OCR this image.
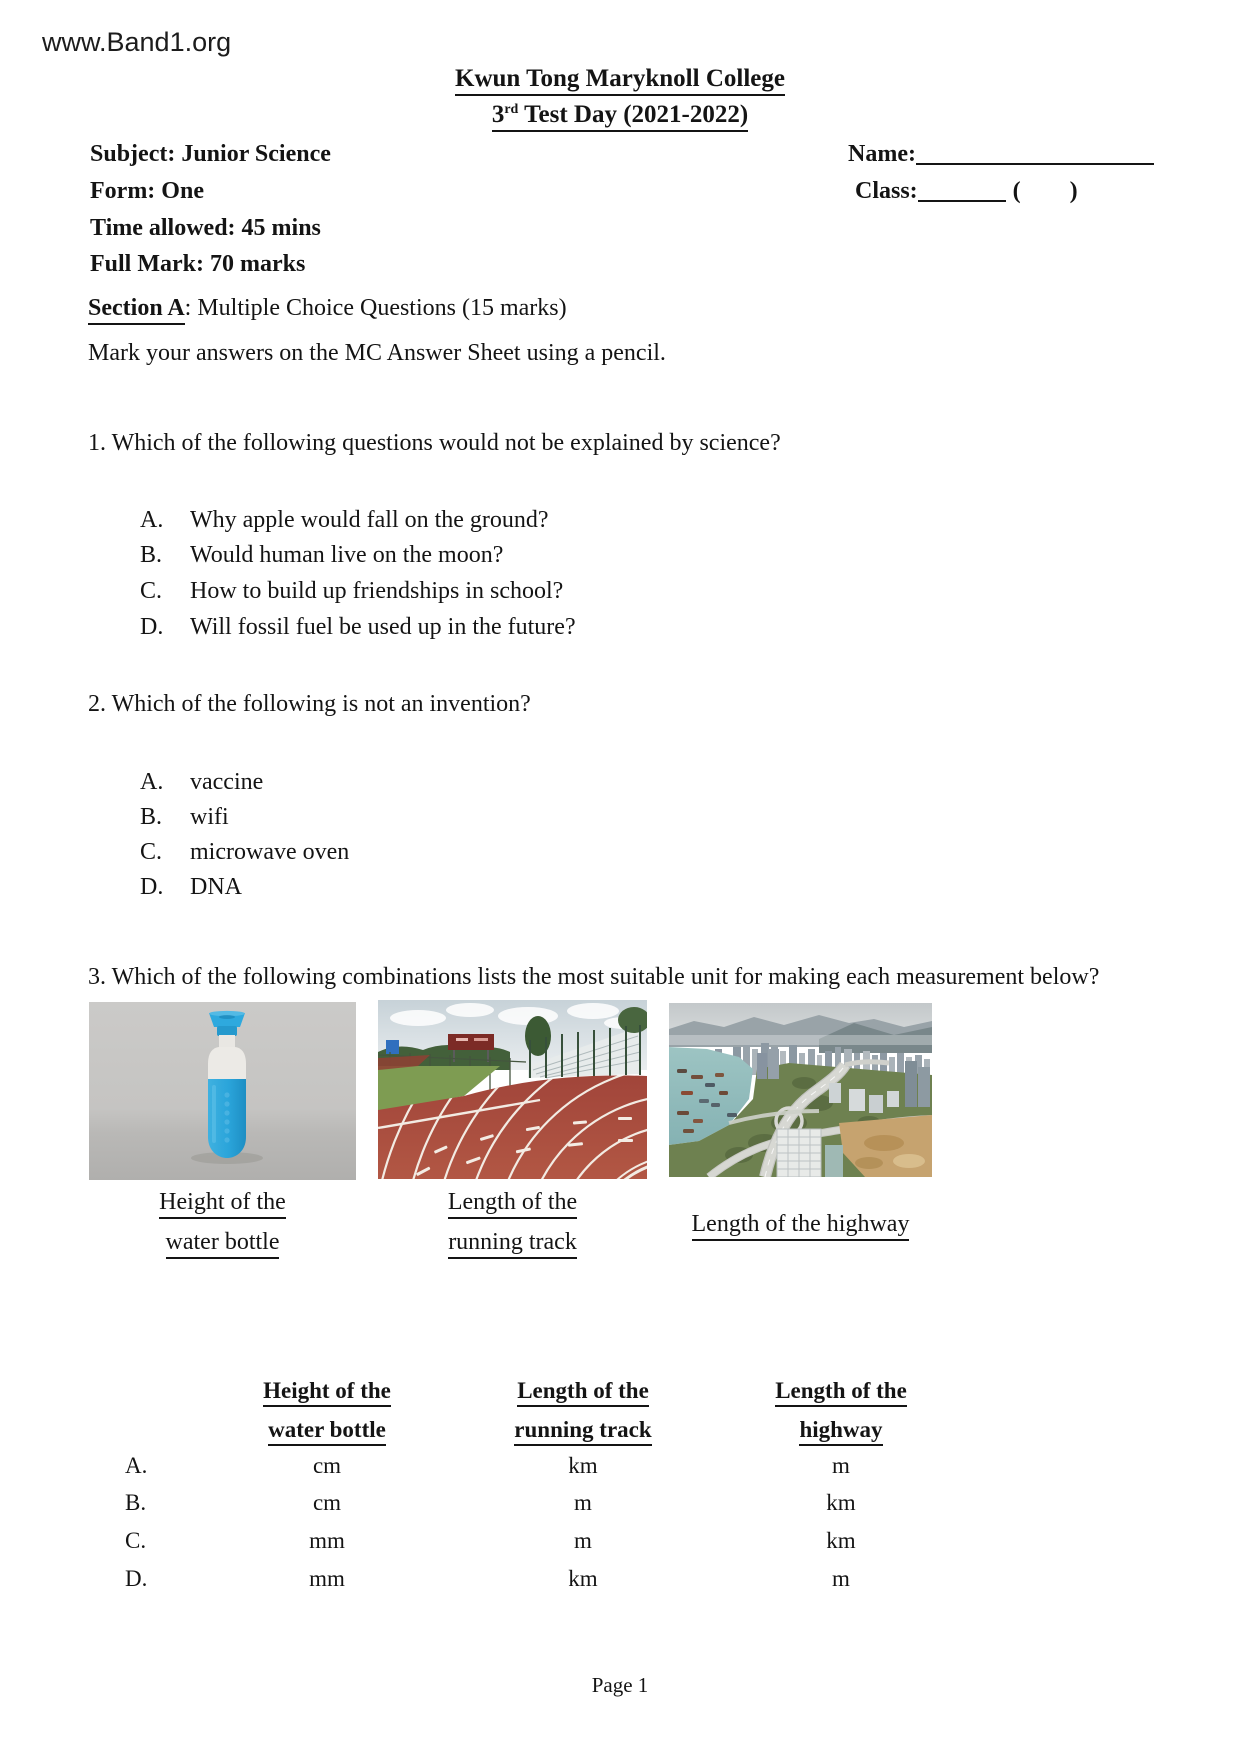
www.Band1.org
Kwun Tong Maryknoll College
3rd Test Day (2021-2022)
Subject: Junior Science
Form: One
Time allowed: 45 mins
Full Mark: 70 marks
Name:
Class:	( )
Section A: Multiple Choice Questions (15 marks)
Mark your answers on the MC Answer Sheet using a pencil.
1. Which of the following questions would not be explained by science?
A. Why apple would fall on the ground?
B. Would human live on the moon?
C. How to build up friendships in school?
D. Will fossil fuel be used up in the future?
2. Which of the following is not an invention?
A. vaccine
B. wifi
C. microwave oven
D. DNA
3. Which of the following combinations lists the most suitable unit for making each measurement below?
Height of the
water bottle
Length of the
running track
Length of the highway
Height of the
water bottle
Length of the
running track
Length of the
highway
A.	cm	km	m
B.	cm	m	km
C.	mm	m	km
D.	mm	km	m
Page 1
